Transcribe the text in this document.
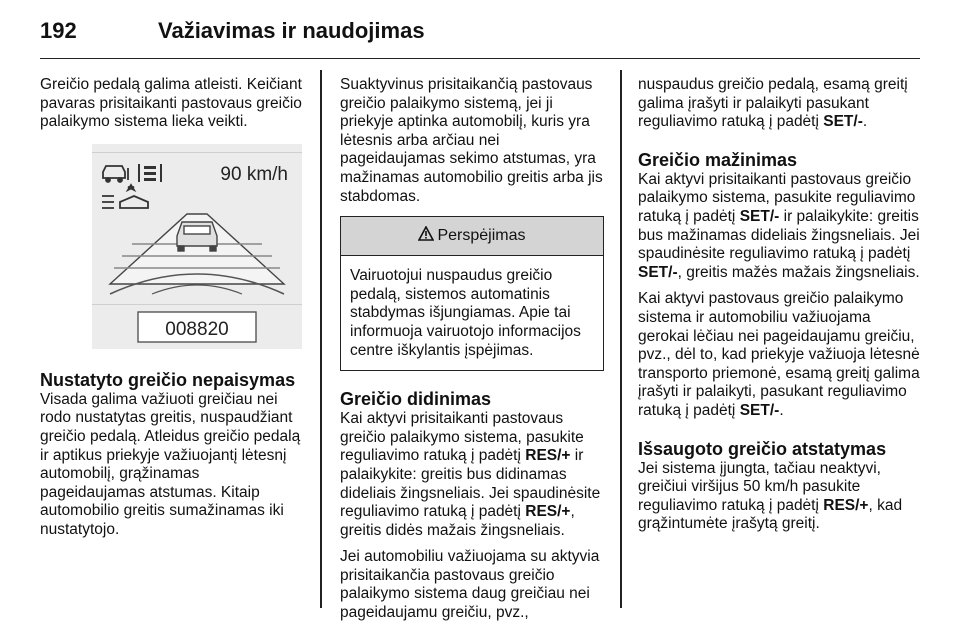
192	Važiavimas ir naudojimas

Greičio pedalą galima atleisti. Keičiant pavaras prisitaikanti pastovaus greičio palaikymo sistema lieka veikti.

90 km/h
008820
Nustatyto greičio nepaisymas

Visada galima važiuoti greičiau nei rodo nustatytas greitis, nuspaudžiant greičio pedalą. Atleidus greičio pedalą ir aptikus priekyje važiuojantį lėtesnį automobilį, grąžinamas pageidaujamas atstumas. Kitaip automobilio greitis sumažinamas iki nustatytojo.

Suaktyvinus prisitaikančią pastovaus greičio palaikymo sistemą, jei ji priekyje aptinka automobilį, kuris yra lėtesnis arba arčiau nei pageidaujamas sekimo atstumas, yra mažinamas automobilio greitis arba jis stabdomas.

Perspėjimas
Vairuotojui nuspaudus greičio pedalą, sistemos automatinis stabdymas išjungiamas. Apie tai informuoja vairuotojo informacijos centre iškylantis įspėjimas.
Greičio didinimas

Kai aktyvi prisitaikanti pastovaus greičio palaikymo sistema, pasukite reguliavimo ratuką į padėtį RES/+ ir palaikykite: greitis bus didinamas dideliais žingsneliais. Jei spaudinėsite reguliavimo ratuką į padėtį RES/+, greitis didės mažais žingsneliais.

Jei automobiliu važiuojama su aktyvia prisitaikančia pastovaus greičio palaikymo sistema daug greičiau nei pageidaujamu greičiu, pvz.,

nuspaudus greičio pedalą, esamą greitį galima įrašyti ir palaikyti pasukant reguliavimo ratuką į padėtį SET/-.

Greičio mažinimas

Kai aktyvi prisitaikanti pastovaus greičio palaikymo sistema, pasukite reguliavimo ratuką į padėtį SET/- ir palaikykite: greitis bus mažinamas dideliais žingsneliais. Jei spaudinėsite reguliavimo ratuką į padėtį SET/-, greitis mažės mažais žingsneliais.

Kai aktyvi pastovaus greičio palaikymo sistema ir automobiliu važiuojama gerokai lėčiau nei pageidaujamu greičiu, pvz., dėl to, kad priekyje važiuoja lėtesnė transporto priemonė, esamą greitį galima įrašyti ir palaikyti, pasukant reguliavimo ratuką į padėtį SET/-.

Išsaugoto greičio atstatymas

Jei sistema įjungta, tačiau neaktyvi, greičiui viršijus 50 km/h pasukite reguliavimo ratuką į padėtį RES/+, kad grąžintumėte įrašytą greitį.
